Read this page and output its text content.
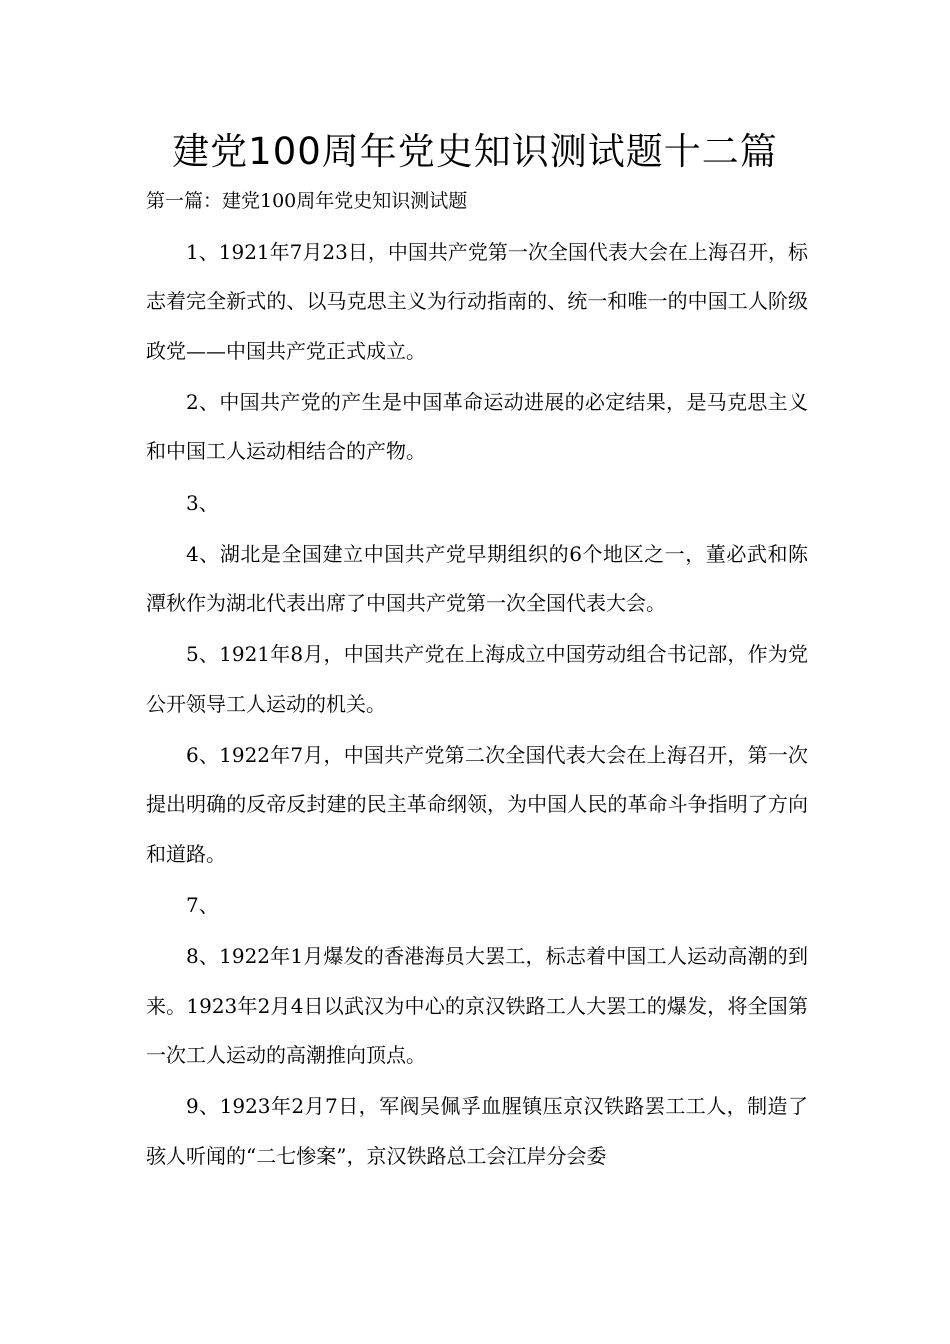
建党100周年党史知识测试题十二篇

第一篇：建党100周年党史知识测试题

1、1921年7月23日，中国共产党第一次全国代表大会在上海召开，标志着完全新式的、以马克思主义为行动指南的、统一和唯一的中国工人阶级政党——中国共产党正式成立。

2、中国共产党的产生是中国革命运动进展的必定结果，是马克思主义和中国工人运动相结合的产物。

3、

4、湖北是全国建立中国共产党早期组织的6个地区之一，董必武和陈潭秋作为湖北代表出席了中国共产党第一次全国代表大会。

5、1921年8月，中国共产党在上海成立中国劳动组合书记部，作为党公开领导工人运动的机关。

6、1922年7月，中国共产党第二次全国代表大会在上海召开，第一次提出明确的反帝反封建的民主革命纲领，为中国人民的革命斗争指明了方向和道路。

7、

8、1922年1月爆发的香港海员大罢工，标志着中国工人运动高潮的到来。1923年2月4日以武汉为中心的京汉铁路工人大罢工的爆发，将全国第一次工人运动的高潮推向顶点。

9、1923年2月7日，军阀吴佩孚血腥镇压京汉铁路罢工工人，制造了骇人听闻的“二七惨案”，京汉铁路总工会江岸分会委
